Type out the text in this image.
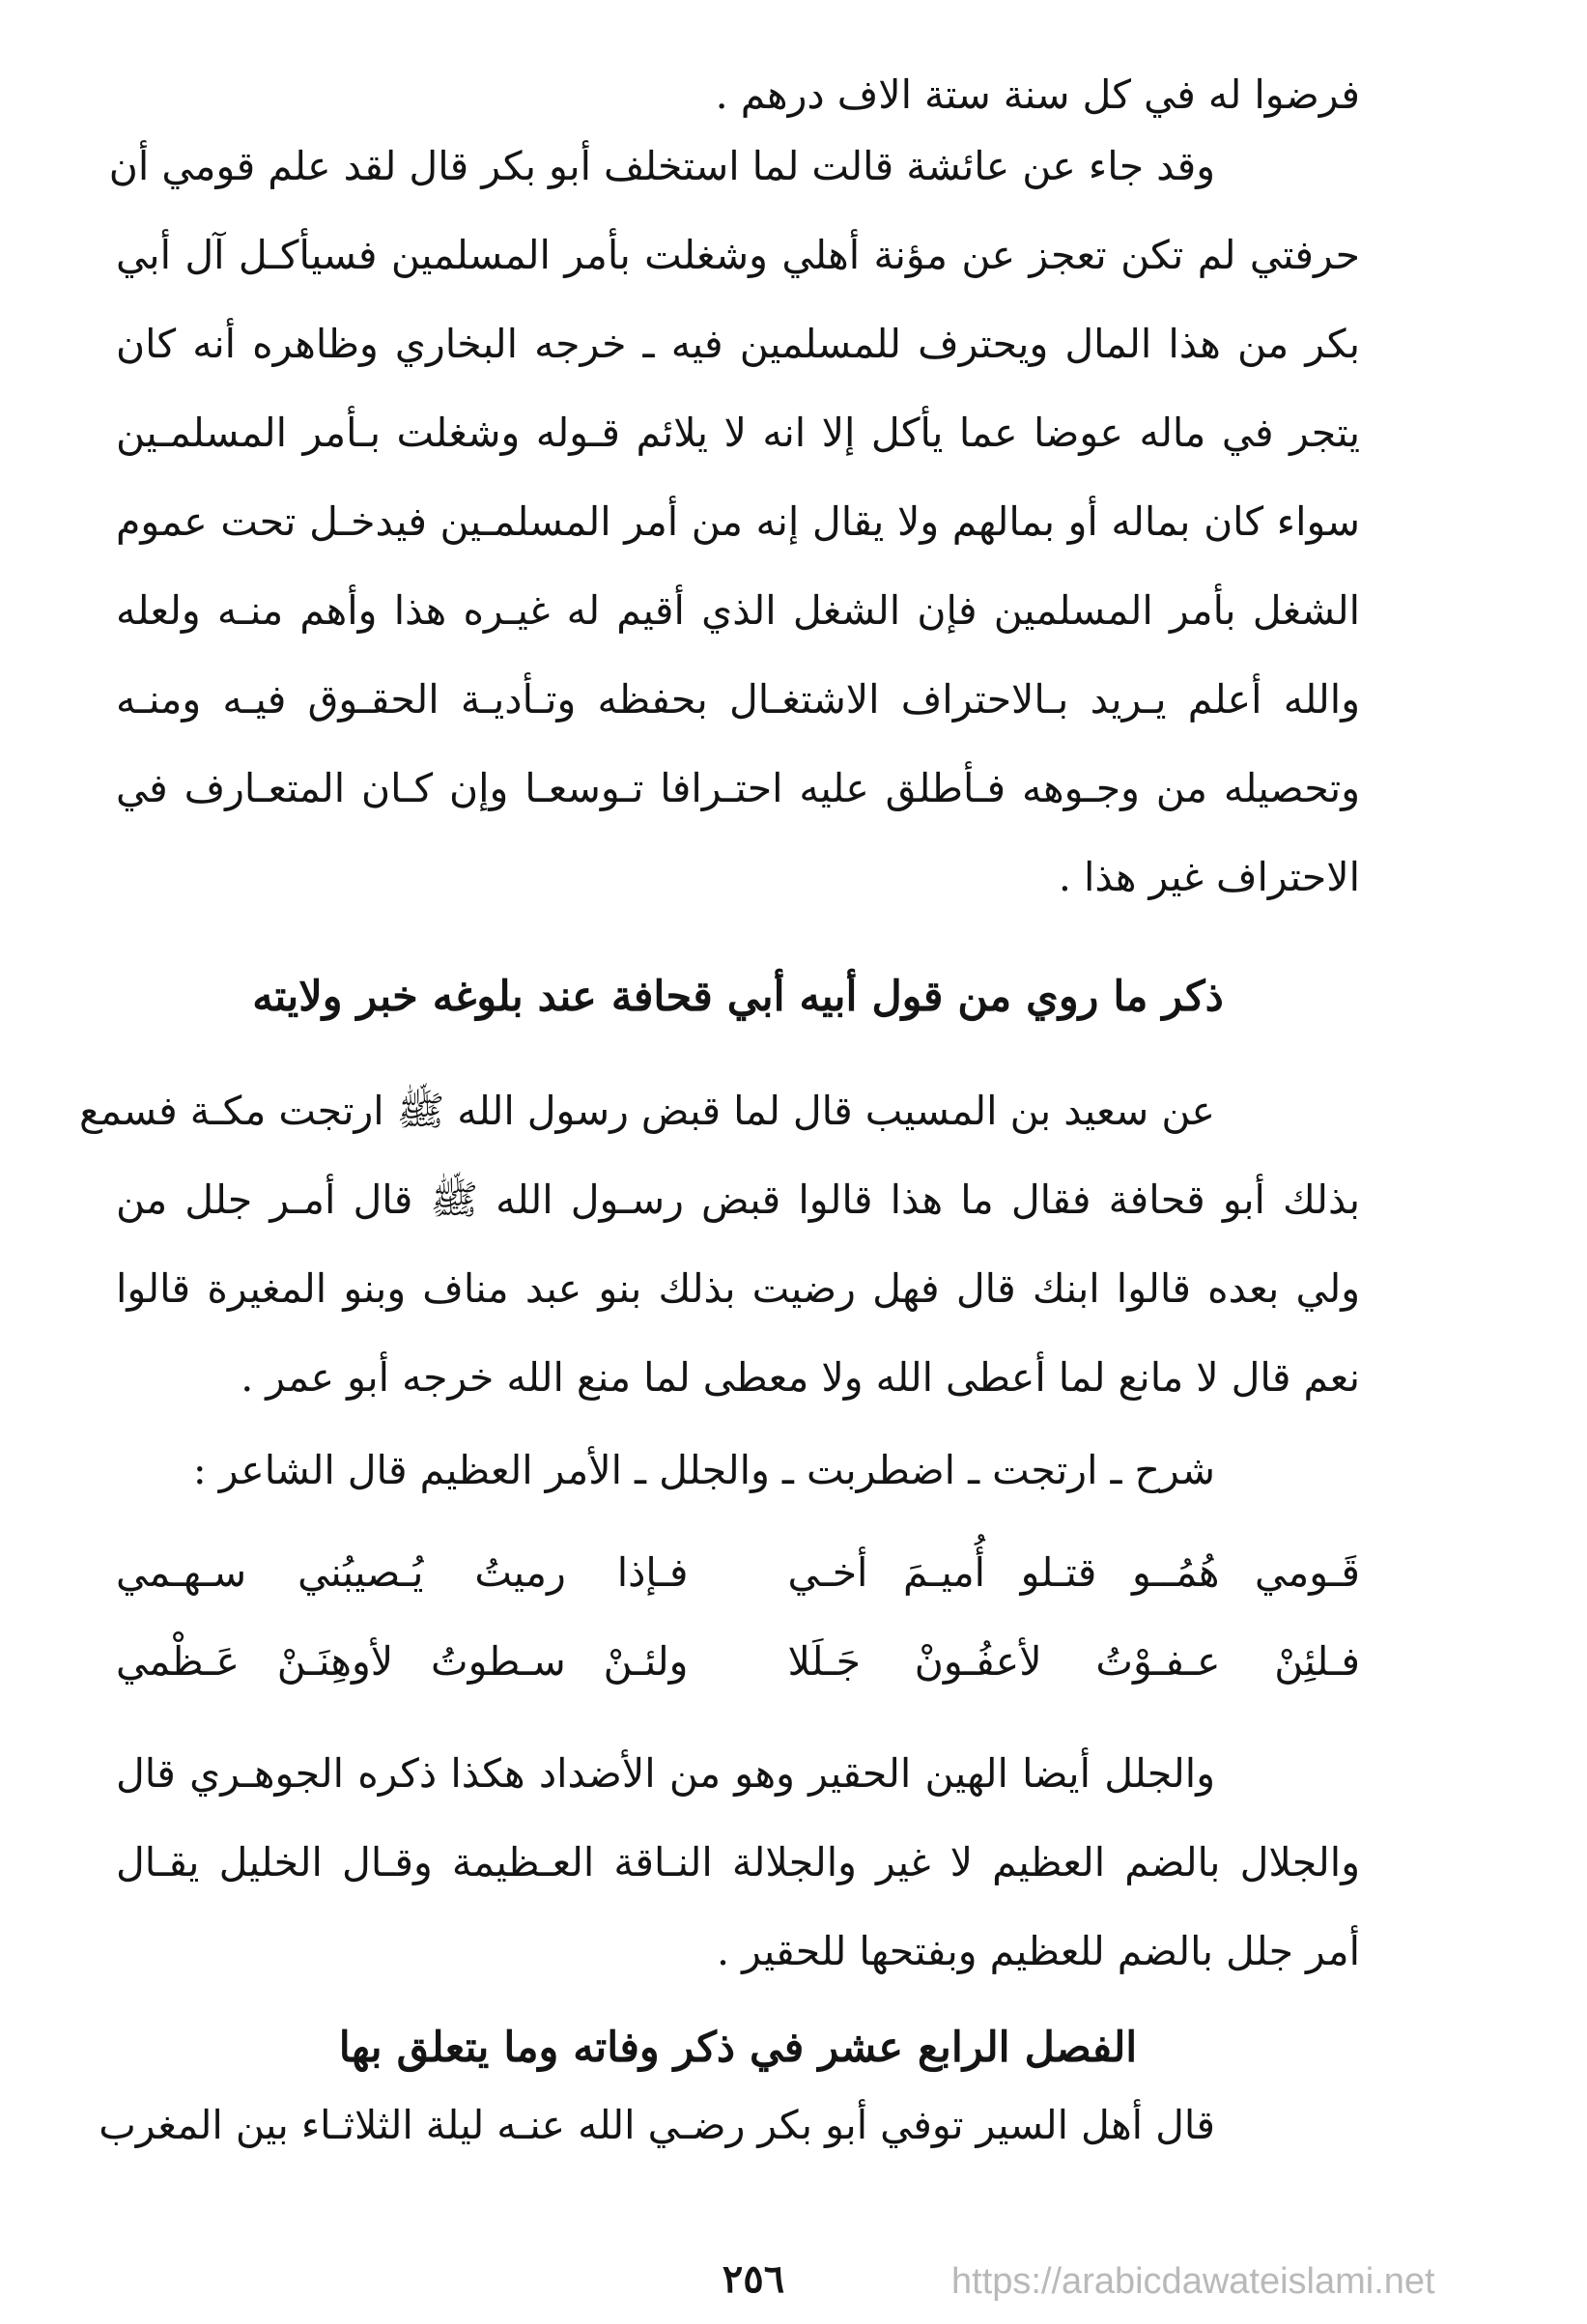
فرضوا له في كل سنة ستة الاف درهم .
وقد جاء عن عائشة قالت لما استخلف أبو بكر قال لقد علم قومي أن
حرفتي لم تكن تعجز عن مؤنة أهلي وشغلت بأمر المسلمين فسيأكـل آل أبي
بكر من هذا المال ويحترف للمسلمين فيه ـ خرجه البخاري وظاهره أنه كان
يتجر في ماله عوضا عما يأكل إلا انه لا يلائم قـوله وشغلت بـأمر المسلمـين
سواء كان بماله أو بمالهم ولا يقال إنه من أمر المسلمـين فيدخـل تحت عموم
الشغل بأمر المسلمين فإن الشغل الذي أقيم له غيـره هذا وأهم منـه ولعله
والله أعلم يـريد بـالاحتراف الاشتغـال بحفظه وتـأديـة الحقـوق فيـه ومنـه
وتحصيله من وجـوهه فـأطلق عليه احتـرافا تـوسعـا وإن كـان المتعـارف في
الاحتراف غير هذا .
ذكر ما روي من قول أبيه أبي قحافة عند بلوغه خبر ولايته
عن سعيد بن المسيب قال لما قبض رسول الله ﷺ ارتجت مكـة فسمع
بذلك أبو قحافة فقال ما هذا قالوا قبض رسـول الله ﷺ قال أمـر جلل من
ولي بعده قالوا ابنك قال فهل رضيت بذلك بنو عبد مناف وبنو المغيرة قالوا
نعم قال لا مانع لما أعطى الله ولا معطى لما منع الله خرجه أبو عمر .
شرح ـ ارتجت ـ اضطربت ـ والجلل ـ الأمر العظيم قال الشاعر :
قَـومي هُمُــو قتـلو أُميـمَ أخـي
فـإذا رميتُ يُـصيبُني سـهـمي
فـلئِنْ عـفـوْتُ لأعفُـونْ جَـلَلا
ولئـنْ سـطوتُ لأوهِنَـنْ عَـظْمي
والجلل أيضا الهين الحقير وهو من الأضداد هكذا ذكره الجوهـري قال
والجلال بالضم العظيم لا غير والجلالة النـاقة العـظيمة وقـال الخليل يقـال
أمر جلل بالضم للعظيم وبفتحها للحقير .
الفصل الرابع عشر في ذكر وفاته وما يتعلق بها
قال أهل السير توفي أبو بكر رضـي الله عنـه ليلة الثلاثـاء بين المغرب
٢٥٦	https://arabicdawateislami.net
